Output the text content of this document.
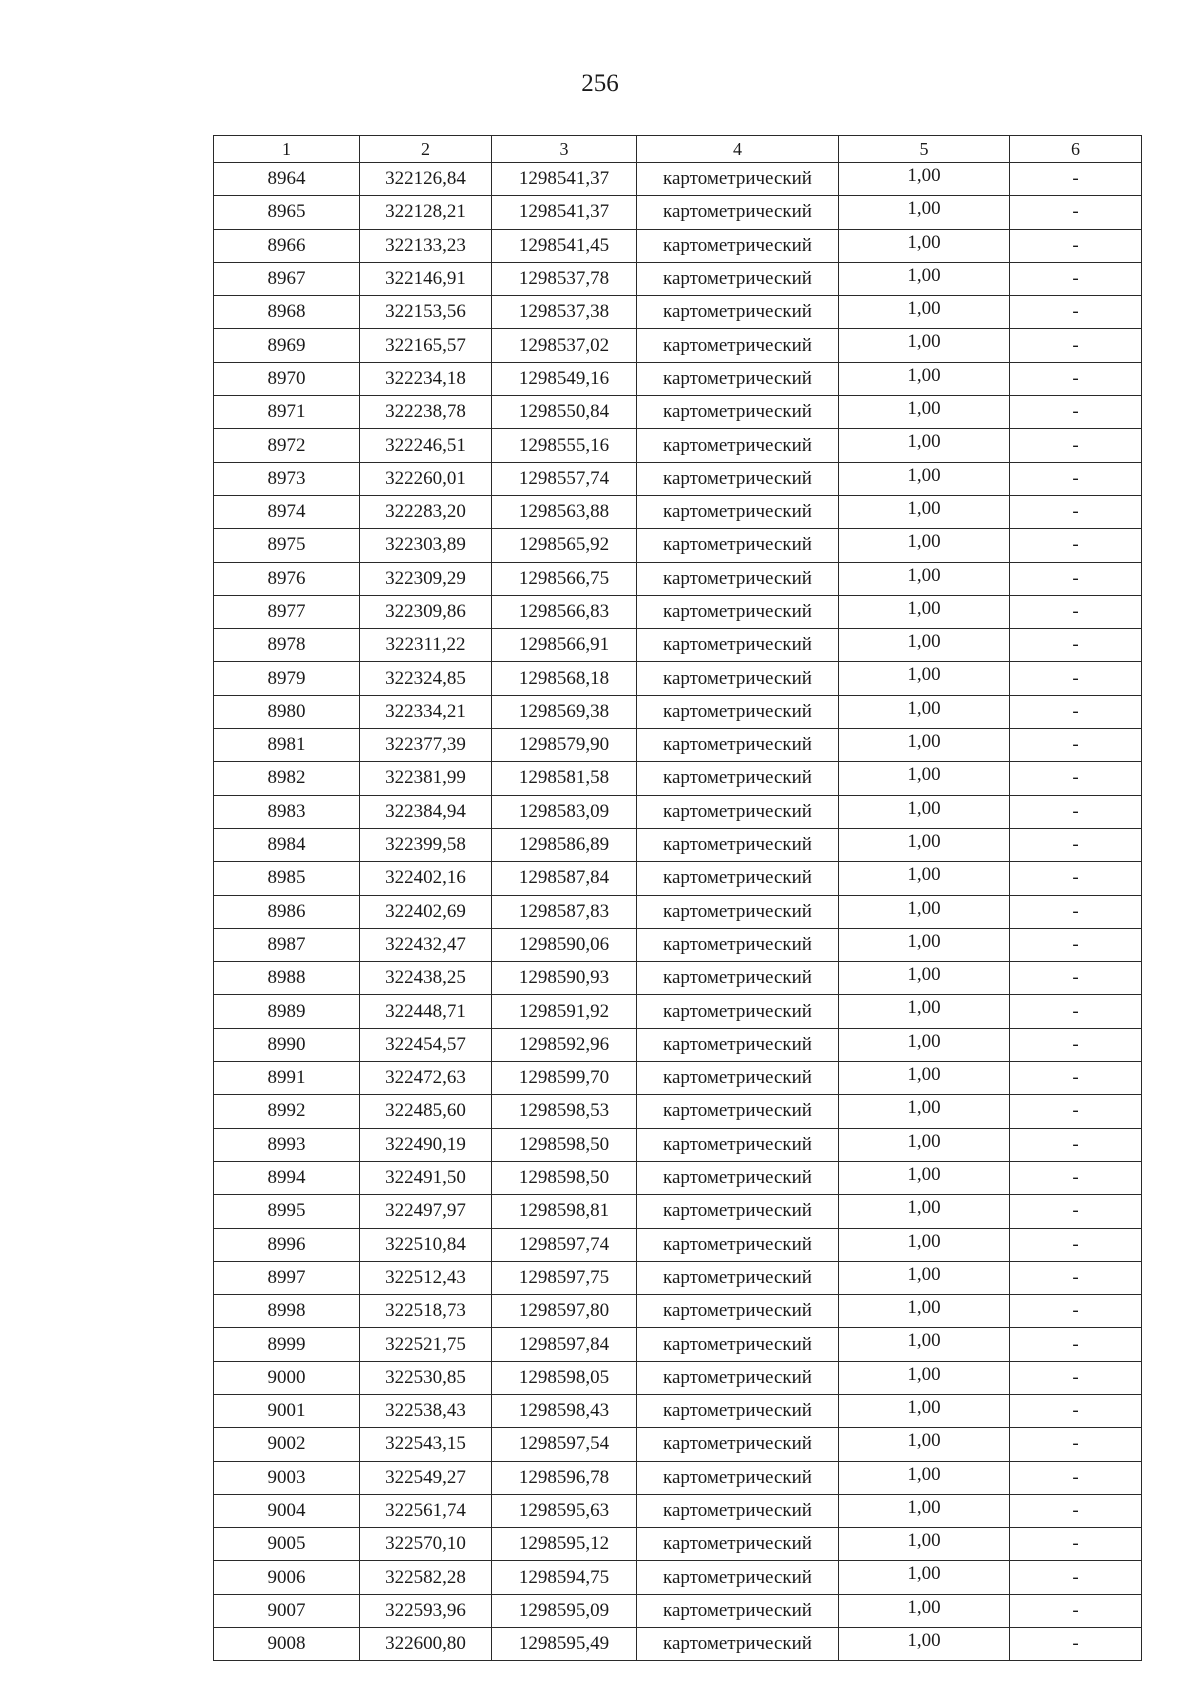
256
1	2	3	4	5	6
8964	322126,84	1298541,37	картометрический	1,00	-
8965	322128,21	1298541,37	картометрический	1,00	-
8966	322133,23	1298541,45	картометрический	1,00	-
8967	322146,91	1298537,78	картометрический	1,00	-
8968	322153,56	1298537,38	картометрический	1,00	-
8969	322165,57	1298537,02	картометрический	1,00	-
8970	322234,18	1298549,16	картометрический	1,00	-
8971	322238,78	1298550,84	картометрический	1,00	-
8972	322246,51	1298555,16	картометрический	1,00	-
8973	322260,01	1298557,74	картометрический	1,00	-
8974	322283,20	1298563,88	картометрический	1,00	-
8975	322303,89	1298565,92	картометрический	1,00	-
8976	322309,29	1298566,75	картометрический	1,00	-
8977	322309,86	1298566,83	картометрический	1,00	-
8978	322311,22	1298566,91	картометрический	1,00	-
8979	322324,85	1298568,18	картометрический	1,00	-
8980	322334,21	1298569,38	картометрический	1,00	-
8981	322377,39	1298579,90	картометрический	1,00	-
8982	322381,99	1298581,58	картометрический	1,00	-
8983	322384,94	1298583,09	картометрический	1,00	-
8984	322399,58	1298586,89	картометрический	1,00	-
8985	322402,16	1298587,84	картометрический	1,00	-
8986	322402,69	1298587,83	картометрический	1,00	-
8987	322432,47	1298590,06	картометрический	1,00	-
8988	322438,25	1298590,93	картометрический	1,00	-
8989	322448,71	1298591,92	картометрический	1,00	-
8990	322454,57	1298592,96	картометрический	1,00	-
8991	322472,63	1298599,70	картометрический	1,00	-
8992	322485,60	1298598,53	картометрический	1,00	-
8993	322490,19	1298598,50	картометрический	1,00	-
8994	322491,50	1298598,50	картометрический	1,00	-
8995	322497,97	1298598,81	картометрический	1,00	-
8996	322510,84	1298597,74	картометрический	1,00	-
8997	322512,43	1298597,75	картометрический	1,00	-
8998	322518,73	1298597,80	картометрический	1,00	-
8999	322521,75	1298597,84	картометрический	1,00	-
9000	322530,85	1298598,05	картометрический	1,00	-
9001	322538,43	1298598,43	картометрический	1,00	-
9002	322543,15	1298597,54	картометрический	1,00	-
9003	322549,27	1298596,78	картометрический	1,00	-
9004	322561,74	1298595,63	картометрический	1,00	-
9005	322570,10	1298595,12	картометрический	1,00	-
9006	322582,28	1298594,75	картометрический	1,00	-
9007	322593,96	1298595,09	картометрический	1,00	-
9008	322600,80	1298595,49	картометрический	1,00	-
